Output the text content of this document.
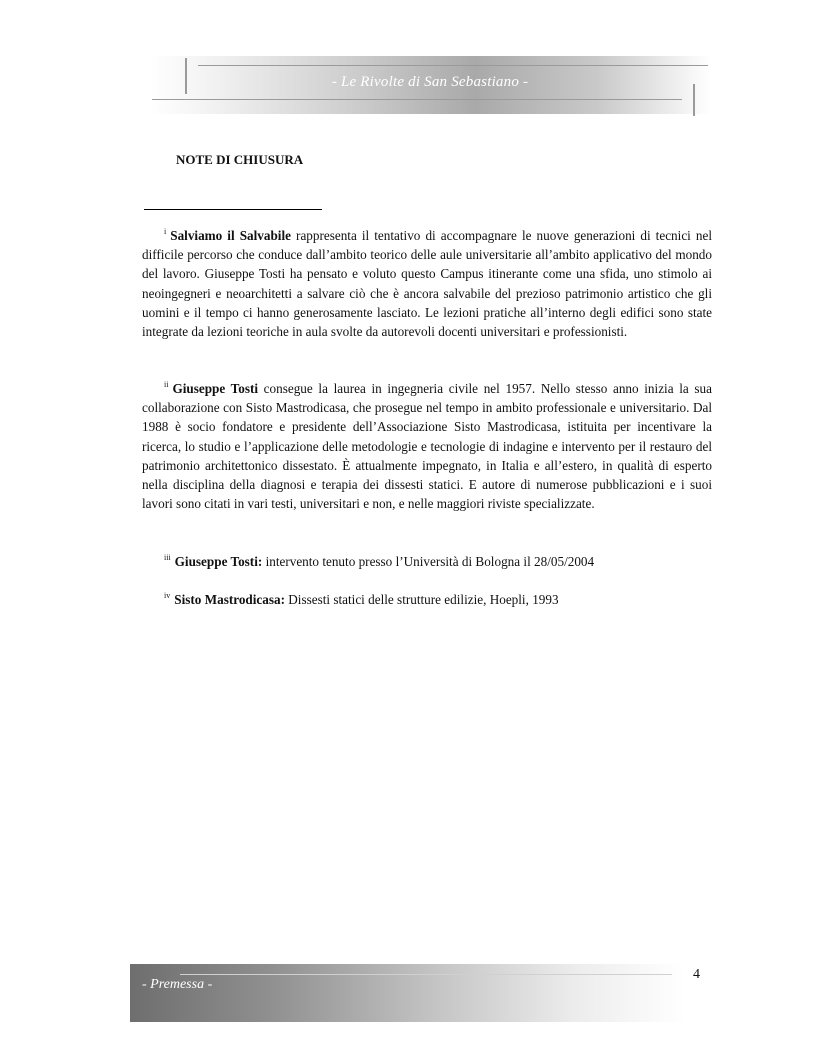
- Le Rivolte di San Sebastiano -
NOTE DI CHIUSURA

$^i$ Salviamo il Salvabile rappresenta il tentativo di accompagnare le nuove generazioni di tecnici nel difficile percorso che conduce dall’ambito teorico delle aule universitarie all’ambito applicativo del mondo del lavoro. Giuseppe Tosti ha pensato e voluto questo Campus itinerante come una sfida, uno stimolo ai neoingegneri e neoarchitetti a salvare ciò che è ancora salvabile del prezioso patrimonio artistico che gli uomini e il tempo ci hanno generosamente lasciato. Le lezioni pratiche all’interno degli edifici sono state integrate da lezioni teoriche in aula svolte da autorevoli docenti universitari e professionisti.

$^{ii}$ Giuseppe Tosti consegue la laurea in ingegneria civile nel 1957. Nello stesso anno inizia la sua collaborazione con Sisto Mastrodicasa, che prosegue nel tempo in ambito professionale e universitario. Dal 1988 è socio fondatore e presidente dell’Associazione Sisto Mastrodicasa, istituita per incentivare la ricerca, lo studio e l’applicazione delle metodologie e tecnologie di indagine e intervento per il restauro del patrimonio architettonico dissestato. È attualmente impegnato, in Italia e all’estero, in qualità di esperto nella disciplina della diagnosi e terapia dei dissesti statici. E autore di numerose pubblicazioni e i suoi lavori sono citati in vari testi, universitari e non, e nelle maggiori riviste specializzate.

$^{iii}$ Giuseppe Tosti: intervento tenuto presso l’Università di Bologna il 28/05/2004

$^{iv}$ Sisto Mastrodicasa: Dissesti statici delle strutture edilizie, Hoepli, 1993

- Premessa -
4
